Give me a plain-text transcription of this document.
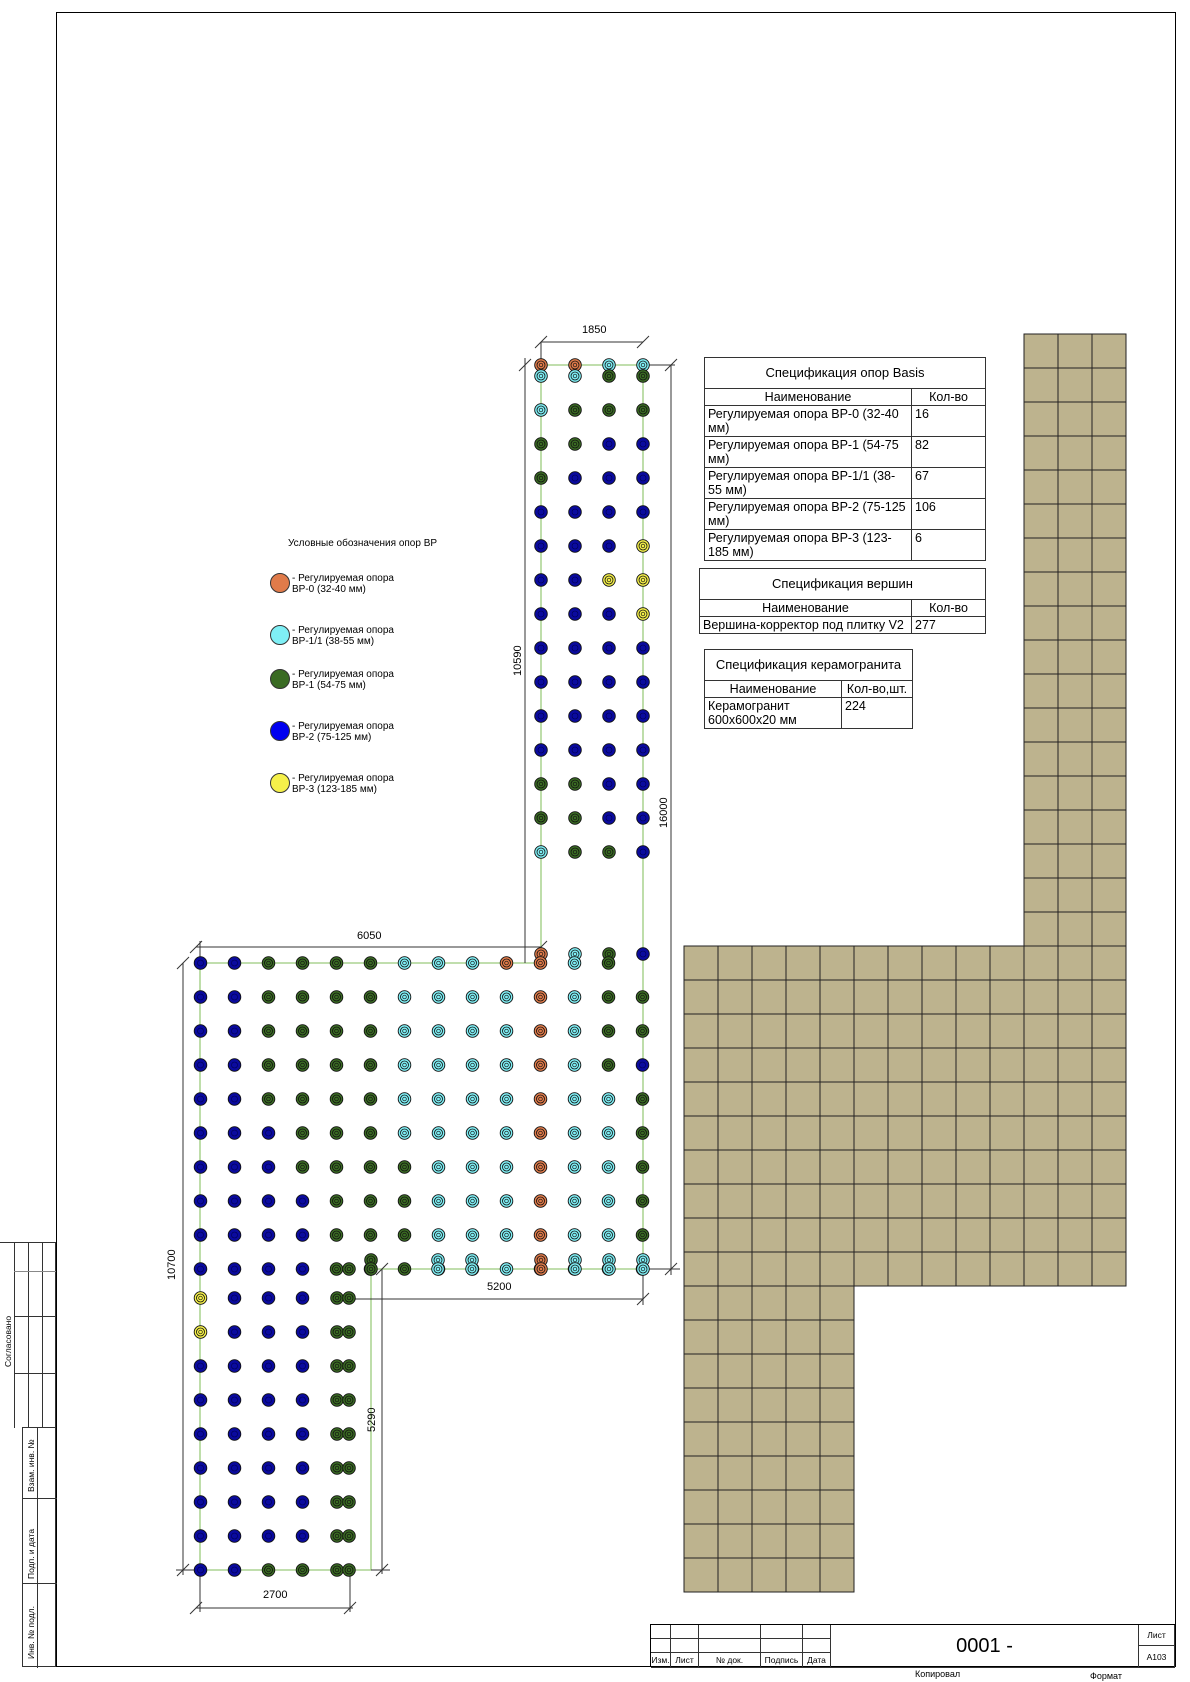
1850
10590
16000
6050
10700
5200
5290
2700
Условные обозначения опор ВР
- Регулируемая опора
ВР-0 (32-40 мм)
- Регулируемая опора
ВР-1/1 (38-55 мм)
- Регулируемая опора
ВР-1 (54-75 мм)
- Регулируемая опора
ВР-2 (75-125 мм)
- Регулируемая опора
ВР-3 (123-185 мм)
Спецификация опор Basis	
Наименование	Кол-во
Регулируемая опора ВР-0 (32-40 мм)	16
Регулируемая опора ВР-1 (54-75 мм)	82
Регулируемая опора ВР-1/1 (38-55 мм)	67
Регулируемая опора ВР-2 (75-125 мм)	106
Регулируемая опора ВР-3 (123-185 мм)	6
Спецификация вершин	
Наименование	Кол-во
Вершина-корректор под плитку V2	277
Спецификация керамогранита	
Наименование	Кол-во,шт.
Керамогранит 600х600х20 мм	224
Согласовано
Взам. инв. №
Подп. и дата
Инв. № подл.
Изм. Лист	№ док.	Подпись	Дата
0001 -	Лист
А103
Копировал	Формат
